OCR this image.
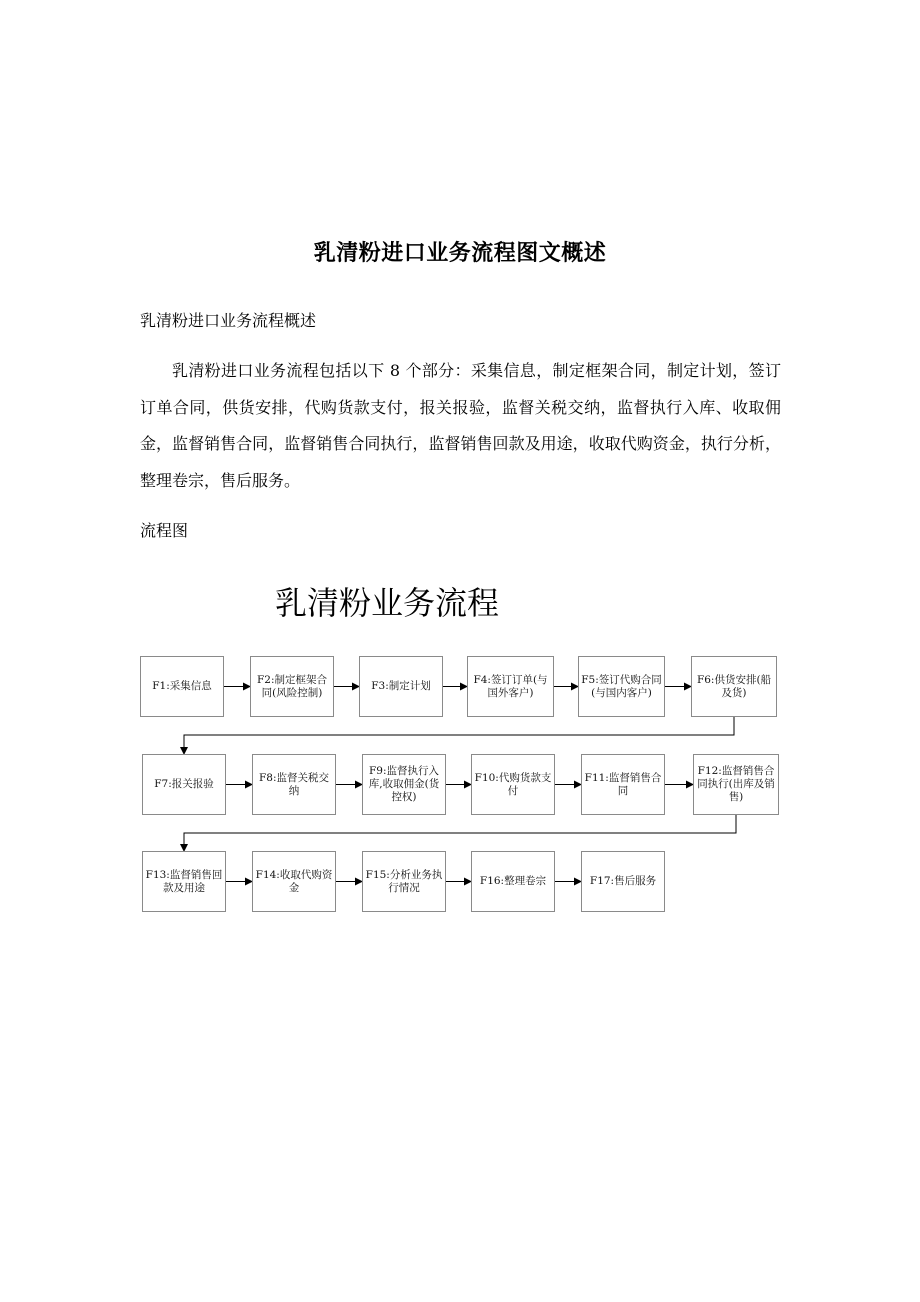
乳清粉进口业务流程图文概述
乳清粉进口业务流程概述
乳清粉进口业务流程包括以下 8 个部分：采集信息，制定框架合同，制定计划，签订订单合同，供货安排，代购货款支付，报关报验，监督关税交纳，监督执行入库、收取佣金，监督销售合同，监督销售合同执行，监督销售回款及用途，收取代购资金，执行分析，整理卷宗，售后服务。
流程图
乳清粉业务流程
F1:采集信息
F2:制定框架合同(风险控制)
F3:制定计划
F4:签订订单(与国外客户)
F5:签订代购合同(与国内客户)
F6:供货安排(船及货)
F7:报关报验
F8:监督关税交纳
F9:监督执行入库,收取佣金(货控权)
F10:代购货款支付
F11:监督销售合同
F12:监督销售合同执行(出库及销售)
F13:监督销售回款及用途
F14:收取代购资金
F15:分析业务执行情况
F16:整理卷宗	F17:售后服务
